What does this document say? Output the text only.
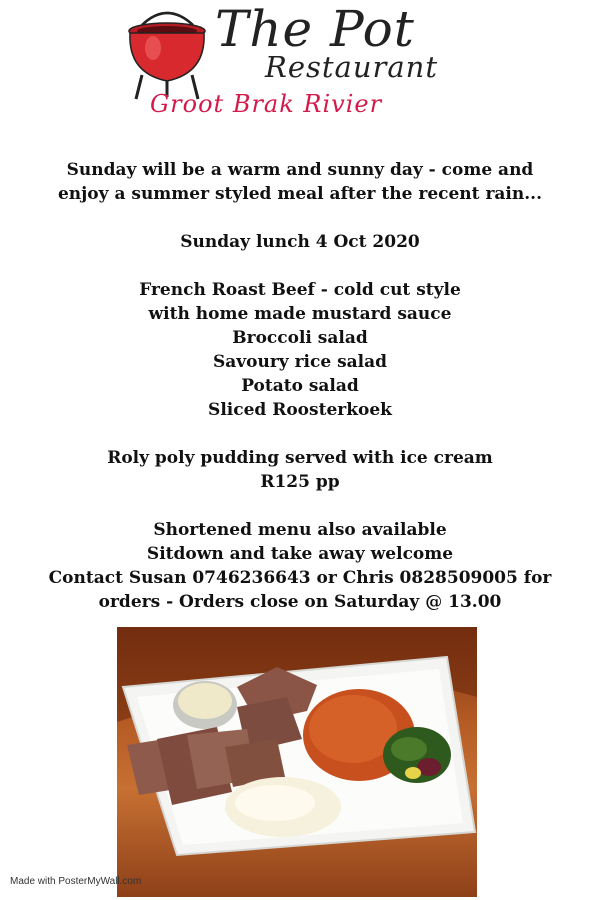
The Pot
Restaurant
Groot Brak Rivier

Sunday will be a warm and sunny day - come and

enjoy a summer styled meal after the recent rain...

Sunday lunch 4 Oct 2020

French Roast Beef - cold cut style

with home made mustard sauce

Broccoli salad

Savoury rice salad

Potato salad

Sliced Roosterkoek

Roly poly pudding served with ice cream

R125 pp

Shortened menu also available

Sitdown and take away welcome

Contact Susan 0746236643 or Chris 0828509005 for

orders - Orders close on Saturday @ 13.00

Made with PosterMyWall.com
